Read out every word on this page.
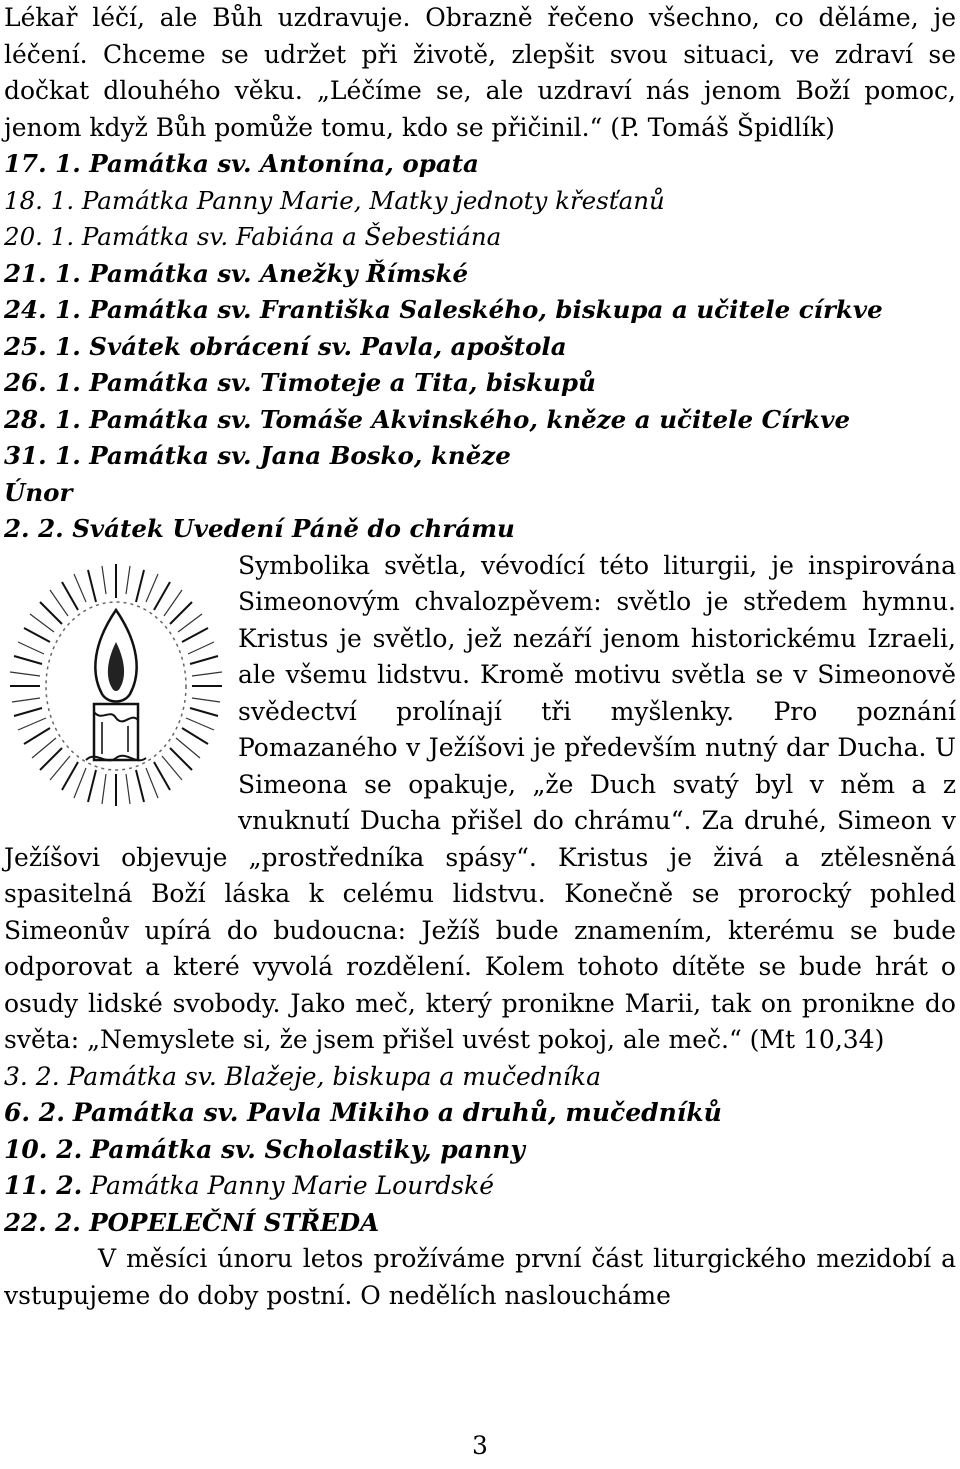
Lékař léčí, ale Bůh uzdravuje. Obrazně řečeno všechno, co děláme, je léčení. Chceme se udržet při životě, zlepšit svou situaci, ve zdraví se dočkat dlouhého věku. „Léčíme se, ale uzdraví nás jenom Boží pomoc, jenom když Bůh pomůže tomu, kdo se přičinil.“ (P. Tomáš Špidlík)

17. 1. Památka sv. Antonína, opata
18. 1. Památka Panny Marie, Matky jednoty křesťanů
20. 1. Památka sv. Fabiána a Šebestiána
21. 1. Památka sv. Anežky Římské
24. 1. Památka sv. Františka Saleského, biskupa a učitele církve
25. 1. Svátek obrácení sv. Pavla, apoštola
26. 1. Památka sv. Timoteje a Tita, biskupů
28. 1. Památka sv. Tomáše Akvinského, kněze a učitele Církve
31. 1. Památka sv. Jana Bosko, kněze
Únor
2. 2. Svátek Uvedení Páně do chrámu

Symbolika světla, vévodící této liturgii, je inspirována Simeonovým chvalozpěvem: světlo je středem hymnu. Kristus je světlo, jež nezáří jenom historickému Izraeli, ale všemu lidstvu. Kromě motivu světla se v Simeonově svědectví prolínají tři myšlenky. Pro poznání Pomazaného v Ježíšovi je především nutný dar Ducha. U Simeona se opakuje, „že Duch svatý byl v něm a z vnuknutí Ducha přišel do chrámu“. Za druhé, Simeon v Ježíšovi objevuje „prostředníka spásy“. Kristus je živá a ztělesněná spasitelná Boží láska k celému lidstvu. Konečně se prorocký pohled Simeonův upírá do budoucna: Ježíš bude znamením, kterému se bude odporovat a které vyvolá rozdělení. Kolem tohoto dítěte se bude hrát o osudy lidské svobody. Jako meč, který pronikne Marii, tak on pronikne do světa: „Nemyslete si, že jsem přišel uvést pokoj, ale meč.“ (Mt 10,34)

3. 2. Památka sv. Blažeje, biskupa a mučedníka
6. 2. Památka sv. Pavla Mikiho a druhů, mučedníků
10. 2. Památka sv. Scholastiky, panny
11. 2. Památka Panny Marie Lourdské
22. 2. POPELEČNÍ STŘEDA

V měsíci únoru letos prožíváme první část liturgického mezidobí a vstupujeme do doby postní. O nedělích nasloucháme

3
